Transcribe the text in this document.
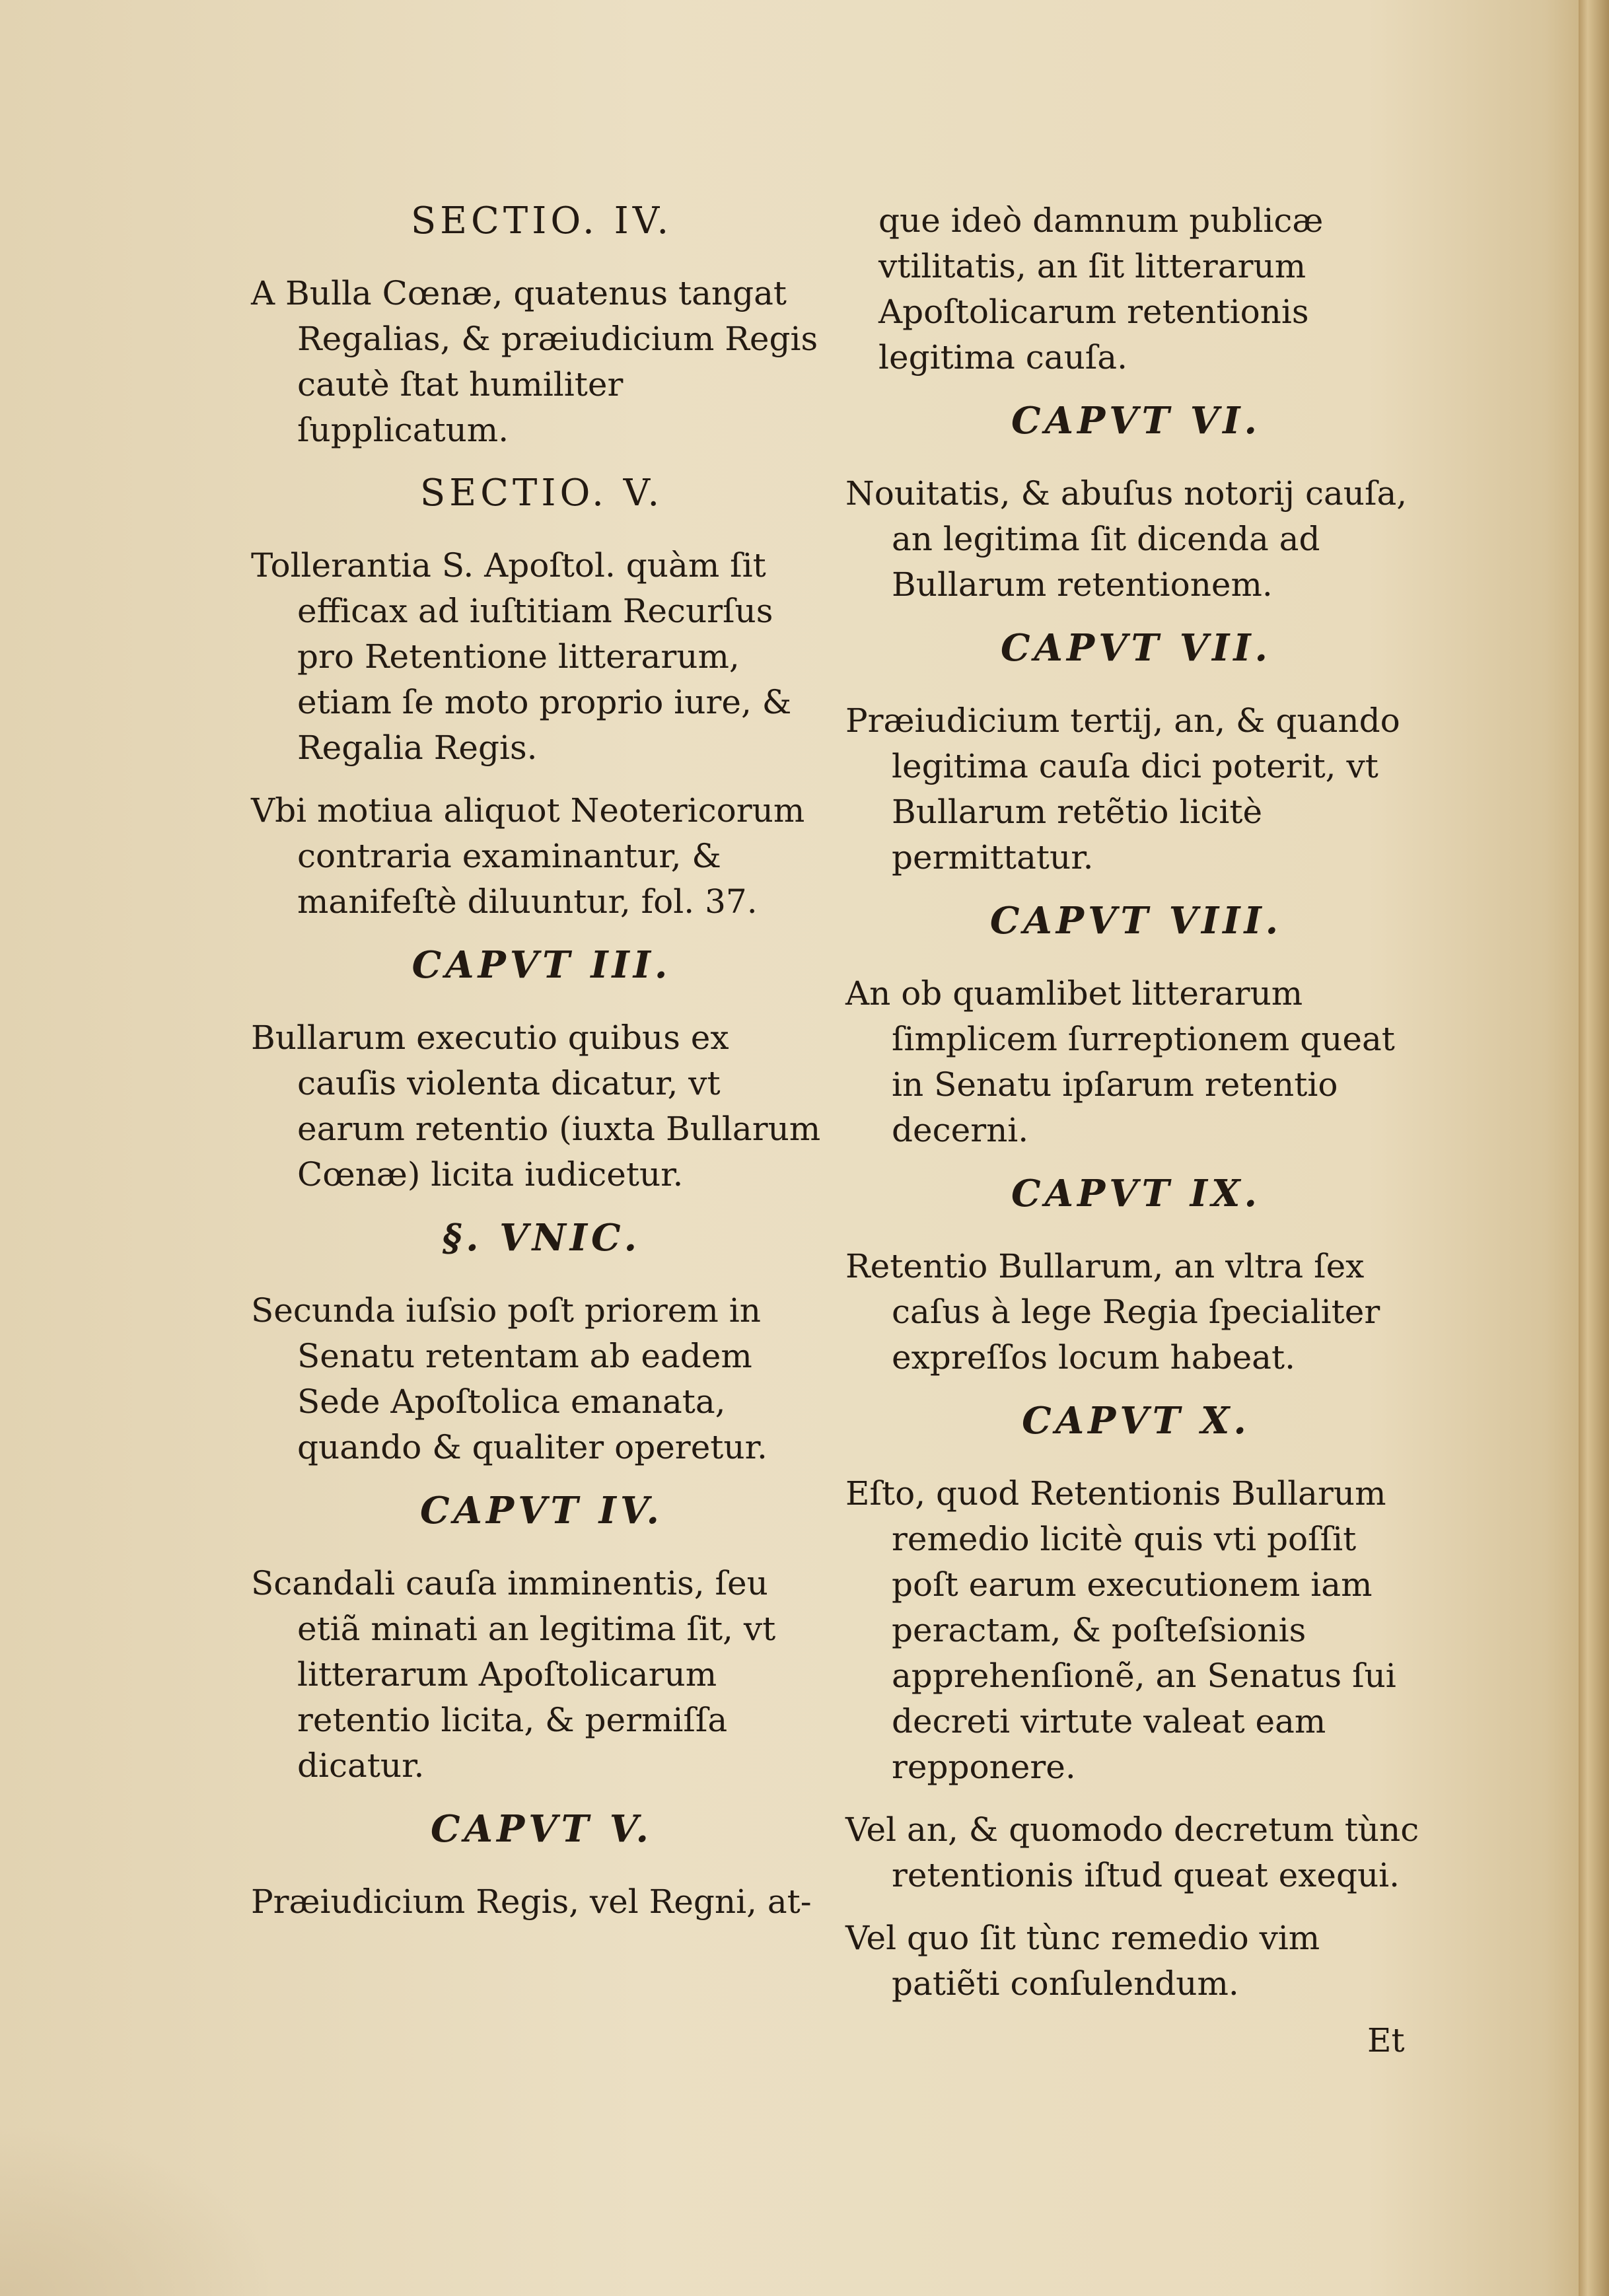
SECTIO. IV.

A Bulla Cœnæ, quatenus tangat Regalias, & præiudicium Regis cautè ſtat humiliter ſupplicatum.

SECTIO. V.

Tollerantia S. Apoſtol. quàm ſit efficax ad iuſtitiam Recurſus pro Retentione litterarum, etiam ſe moto proprio iure, & Regalia Regis.

Vbi motiua aliquot Neotericorum contraria examinantur, & manifeſtè diluuntur, fol. 37.

CAPVT III.

Bullarum executio quibus ex cauſis violenta dicatur, vt earum retentio (iuxta Bullarum Cœnæ) licita iudicetur.

§. VNIC.

Secunda iuſsio poſt priorem in Senatu retentam ab eadem Sede Apoſtolica emanata, quando & qualiter operetur.

CAPVT IV.

Scandali cauſa imminentis, ſeu etiã minati an legitima ſit, vt litterarum Apoſtolicarum retentio licita, & permiſſa dicatur.

CAPVT V.

Præiudicium Regis, vel Regni, at-

que ideò damnum publicæ vtilitatis, an ſit litterarum Apoſtolicarum retentionis legitima cauſa.

CAPVT VI.

Nouitatis, & abuſus notorij cauſa, an legitima ſit dicenda ad Bullarum retentionem.

CAPVT VII.

Præiudicium tertij, an, & quando legitima cauſa dici poterit, vt Bullarum retẽtio licitè permittatur.

CAPVT VIII.

An ob quamlibet litterarum ſimplicem ſurreptionem queat in Senatu ipſarum retentio decerni.

CAPVT IX.

Retentio Bullarum, an vltra ſex caſus à lege Regia ſpecialiter expreſſos locum habeat.

CAPVT X.

Eſto, quod Retentionis Bullarum remedio licitè quis vti poſſit poſt earum executionem iam peractam, & poſteſsionis apprehenſionẽ, an Senatus ſui decreti virtute valeat eam repponere.

Vel an, & quomodo decretum tùnc retentionis iſtud queat exequi.

Vel quo ſit tùnc remedio vim patiẽti conſulendum.

Et
